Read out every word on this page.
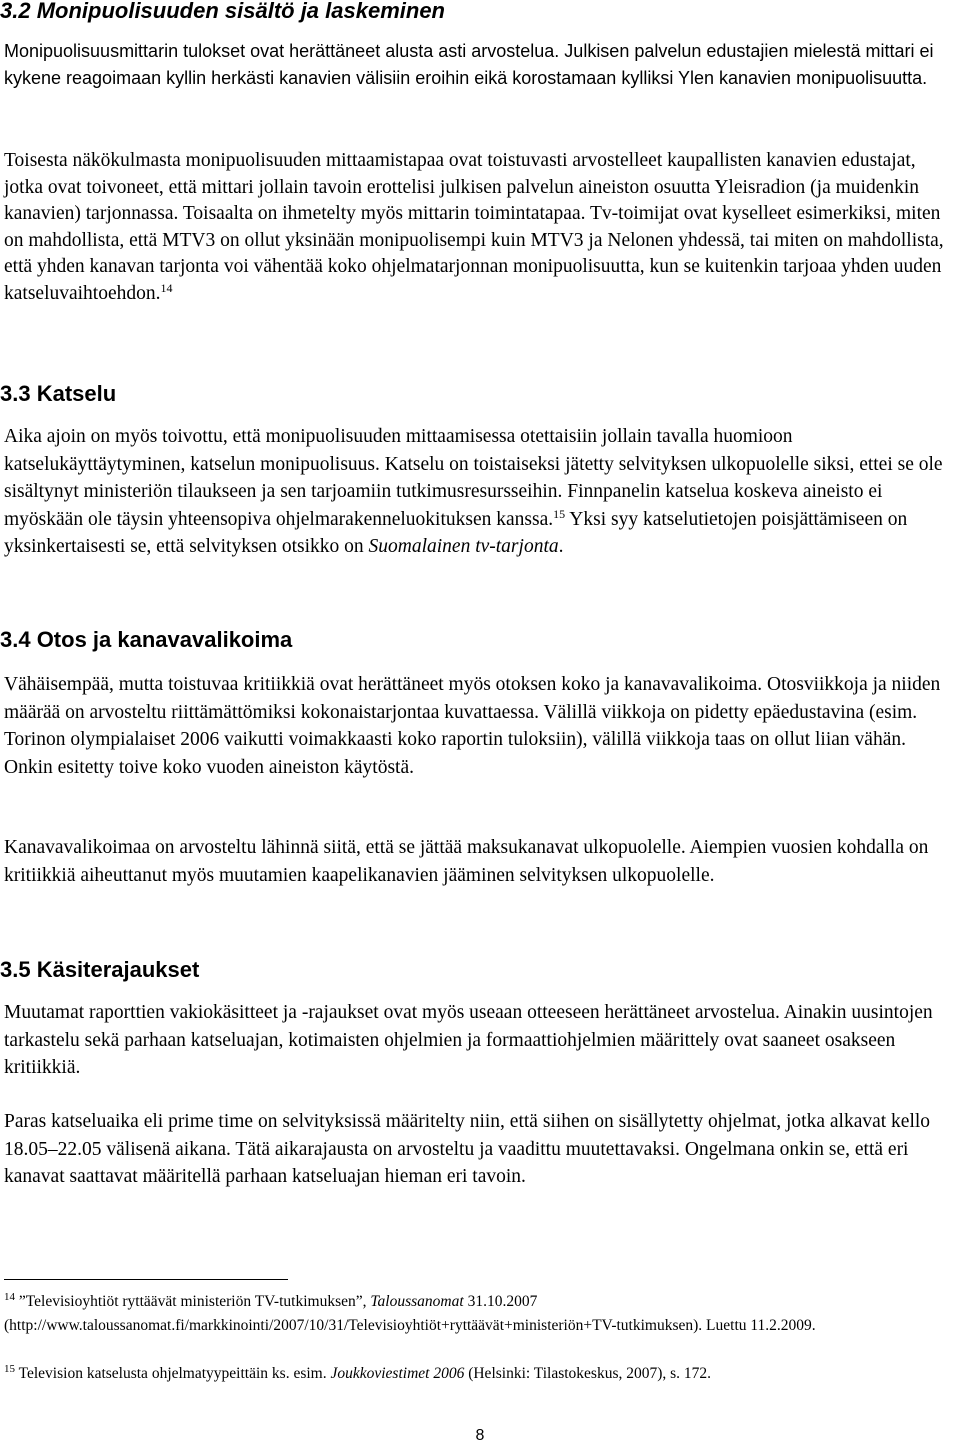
3.2 Monipuolisuuden sisältö ja laskeminen

Monipuolisuusmittarin tulokset ovat herättäneet alusta asti arvostelua. Julkisen palvelun edustajien mielestä mittari ei kykene reagoimaan kyllin herkästi kanavien välisiin eroihin eikä korostamaan kylliksi Ylen kanavien monipuolisuutta.

Toisesta näkökulmasta monipuolisuuden mittaamistapaa ovat toistuvasti arvostelleet kaupallisten kanavien edustajat, jotka ovat toivoneet, että mittari jollain tavoin erottelisi julkisen palvelun aineiston osuutta Yleisradion (ja muidenkin kanavien) tarjonnassa. Toisaalta on ihmetelty myös mittarin toimintatapaa. Tv-toimijat ovat kyselleet esimerkiksi, miten on mahdollista, että MTV3 on ollut yksinään monipuolisempi kuin MTV3 ja Nelonen yhdessä, tai miten on mahdollista, että yhden kanavan tarjonta voi vähentää koko ohjelmatarjonnan monipuolisuutta, kun se kuitenkin tarjoaa yhden uuden katseluvaihtoehdon.$^{14}$

3.3 Katselu

Aika ajoin on myös toivottu, että monipuolisuuden mittaamisessa otettaisiin jollain tavalla huomioon katselukäyttäytyminen, katselun monipuolisuus. Katselu on toistaiseksi jätetty selvityksen ulkopuolelle siksi, ettei se ole sisältynyt ministeriön tilaukseen ja sen tarjoamiin tutkimusresursseihin. Finnpanelin katselua koskeva aineisto ei myöskään ole täysin yhteensopiva ohjelmarakenneluokituksen kanssa.$^{15}$ Yksi syy katselutietojen poisjättämiseen on yksinkertaisesti se, että selvityksen otsikko on Suomalainen tv-tarjonta.

3.4 Otos ja kanavavalikoima

Vähäisempää, mutta toistuvaa kritiikkiä ovat herättäneet myös otoksen koko ja kanavavalikoima. Otosviikkoja ja niiden määrää on arvosteltu riittämättömiksi kokonaistarjontaa kuvattaessa. Välillä viikkoja on pidetty epäedustavina (esim. Torinon olympialaiset 2006 vaikutti voimakkaasti koko raportin tuloksiin), välillä viikkoja taas on ollut liian vähän. Onkin esitetty toive koko vuoden aineiston käytöstä.

Kanavavalikoimaa on arvosteltu lähinnä siitä, että se jättää maksukanavat ulkopuolelle. Aiempien vuosien kohdalla on kritiikkiä aiheuttanut myös muutamien kaapelikanavien jääminen selvityksen ulkopuolelle.

3.5 Käsiterajaukset

Muutamat raporttien vakiokäsitteet ja -rajaukset ovat myös useaan otteeseen herättäneet arvostelua. Ainakin uusintojen tarkastelu sekä parhaan katseluajan, kotimaisten ohjelmien ja formaattiohjelmien määrittely ovat saaneet osakseen kritiikkiä.

Paras katseluaika eli prime time on selvityksissä määritelty niin, että siihen on sisällytetty ohjelmat, jotka alkavat kello 18.05–22.05 välisenä aikana. Tätä aikarajausta on arvosteltu ja vaadittu muutettavaksi. Ongelmana onkin se, että eri kanavat saattavat määritellä parhaan katseluajan hieman eri tavoin.

$^{14}$ ”Televisioyhtiöt ryttäävät ministeriön TV-tutkimuksen”, Taloussanomat 31.10.2007 (http://www.taloussanomat.fi/markkinointi/2007/10/31/Televisioyhtiöt+ryttäävät+ministeriön+TV-tutkimuksen). Luettu 11.2.2009.

$^{15}$ Television katselusta ohjelmatyypeittäin ks. esim. Joukkoviestimet 2006 (Helsinki: Tilastokeskus, 2007), s. 172.

8
